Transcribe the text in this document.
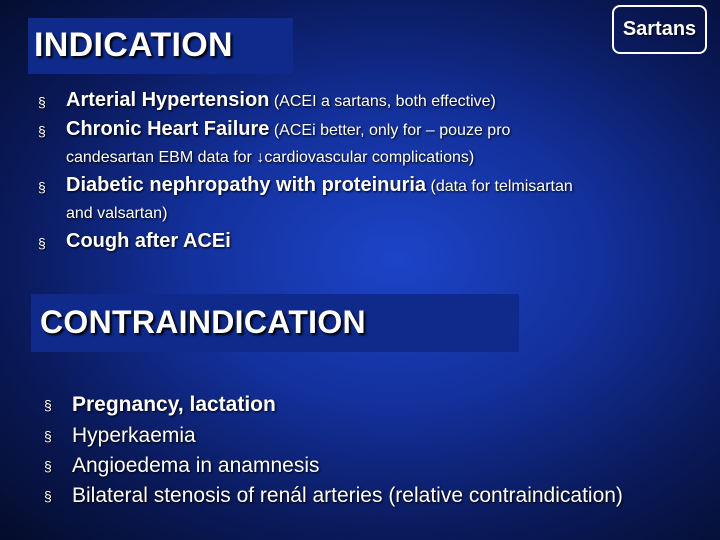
INDICATION	Sartans
§ Arterial Hypertension (ACEI a sartans, both effective)
§ Chronic Heart Failure (ACEi better, only for – pouze pro
candesartan EBM data for ↓cardiovascular complications)
§ Diabetic nephropathy with proteinuria (data for telmisartan
and valsartan)
§ Cough after ACEi
CONTRAINDICATION
§ Pregnancy, lactation
§ Hyperkaemia
§ Angioedema in anamnesis
§ Bilateral stenosis of renál arteries (relative contraindication)
